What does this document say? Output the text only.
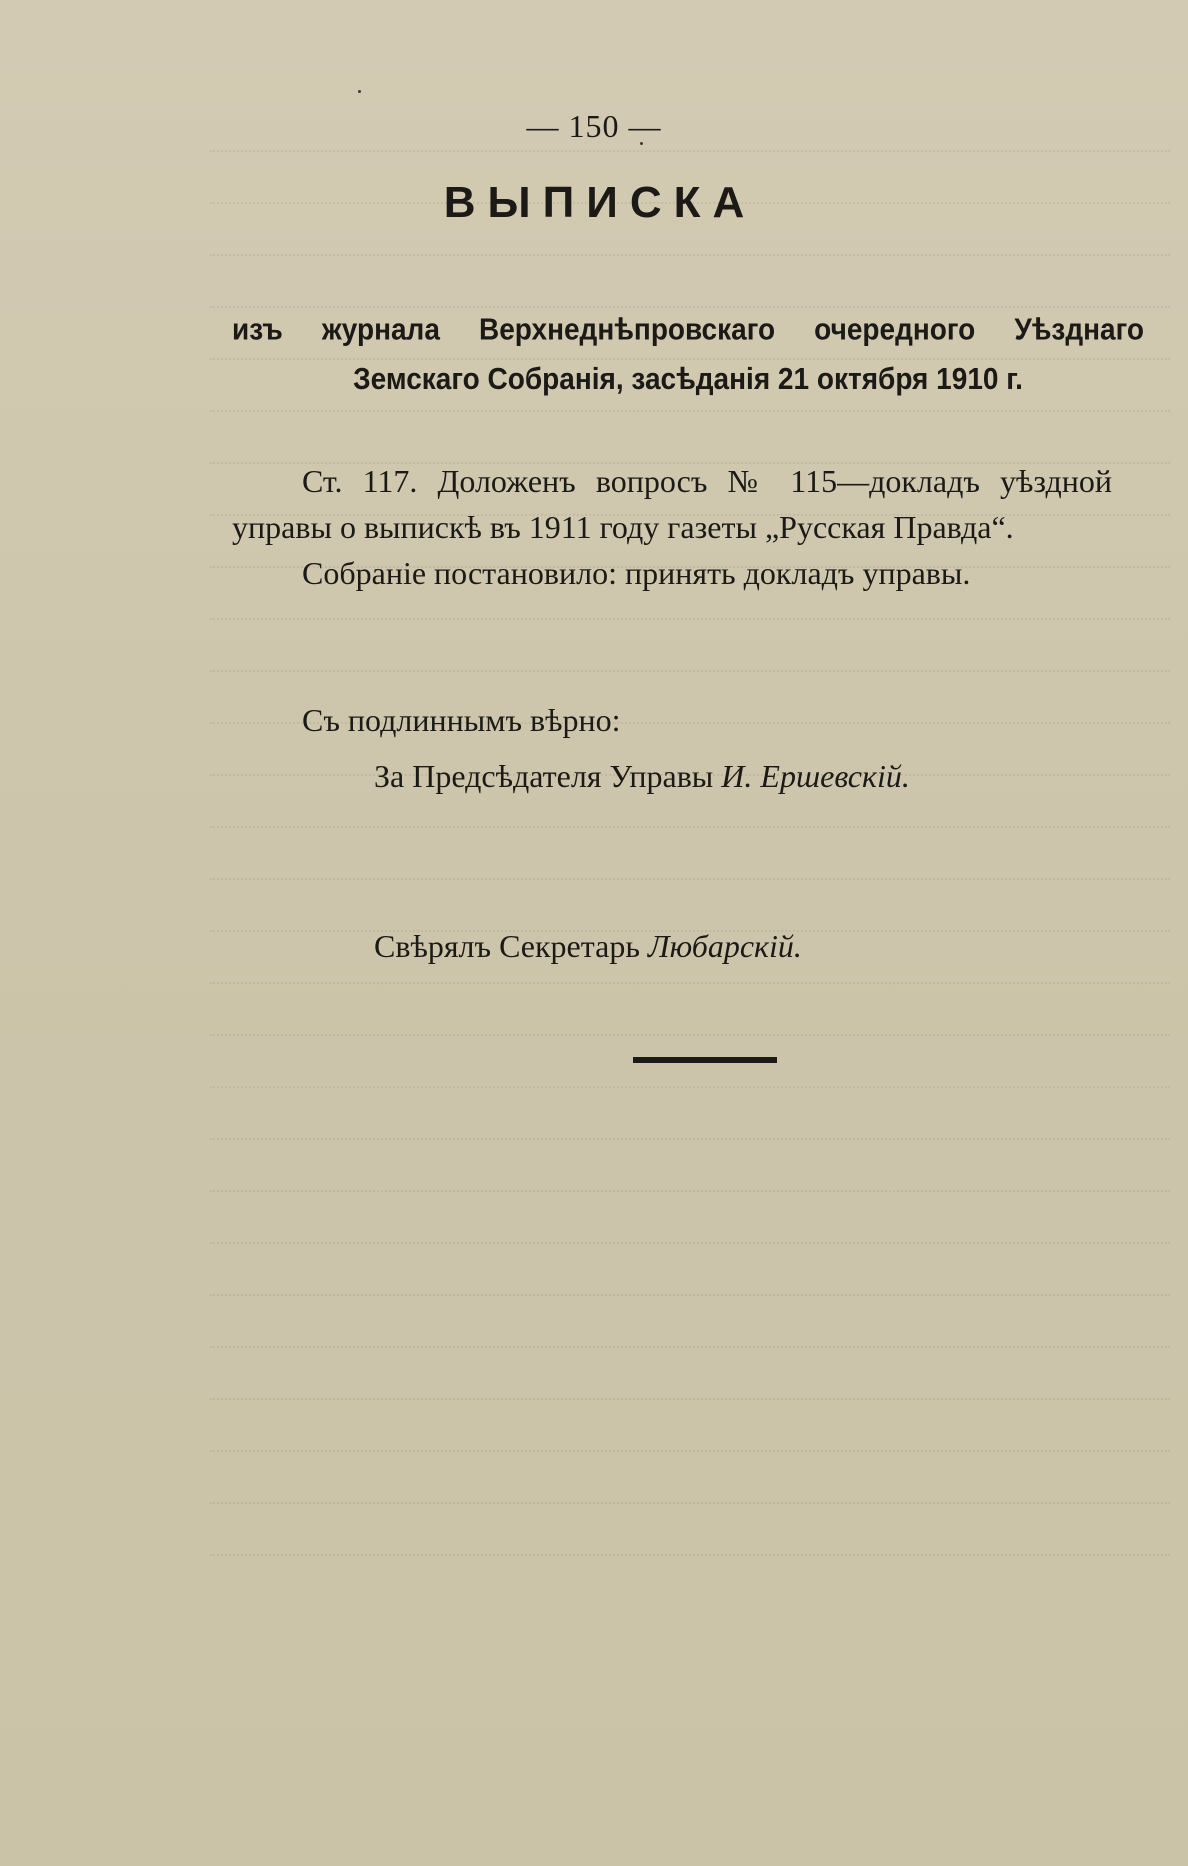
— 150 —
ВЫПИСКА
изъ журнала Верхнеднѣпровскаго очередного Уѣзднаго Земскаго Собранія, засѣданія 21 октября 1910 г.

Ст. 117. Доложенъ вопросъ № 115—докладъ уѣздной управы о выпискѣ въ 1911 году газеты „Русская Правда“.

Собраніе постановило: принять докладъ управы.

Съ подлиннымъ вѣрно:
За Предсѣдателя Управы И. Ершевскій.
Свѣрялъ Секретарь Любарскій.
